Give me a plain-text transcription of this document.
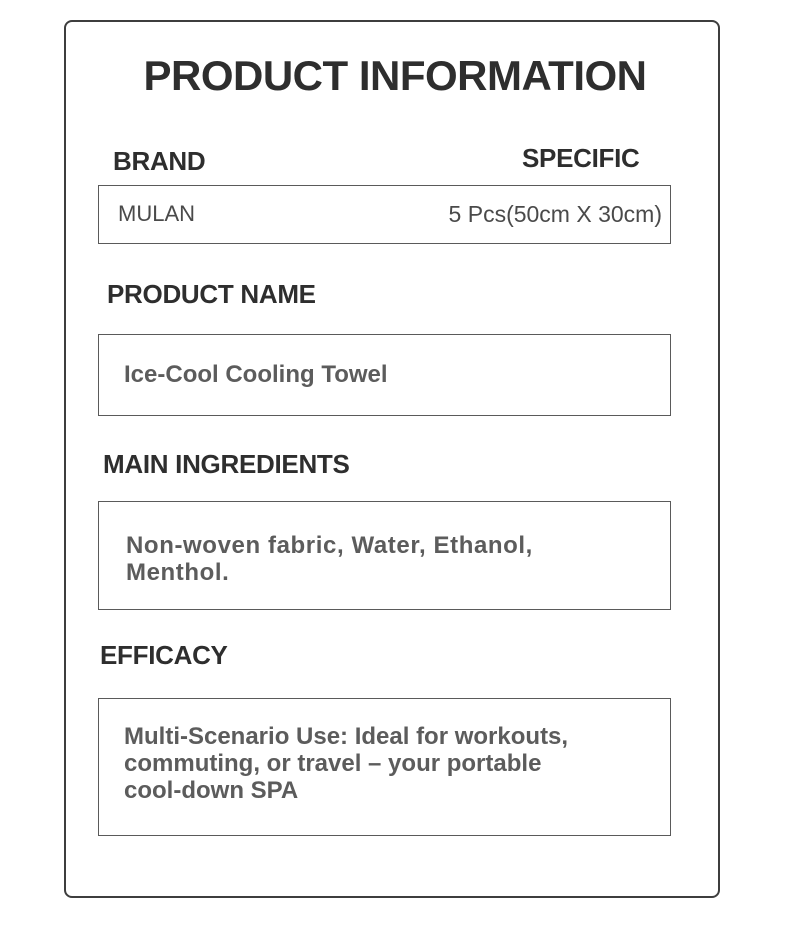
PRODUCT INFORMATION
BRAND	SPECIFIC
MULAN	5 Pcs(50cm X 30cm)
PRODUCT NAME
Ice-Cool Cooling Towel
MAIN INGREDIENTS
Non-woven fabric, Water, Ethanol,
Menthol.
EFFICACY
Multi-Scenario Use: Ideal for workouts,
commuting, or travel – your portable
cool-down SPA
